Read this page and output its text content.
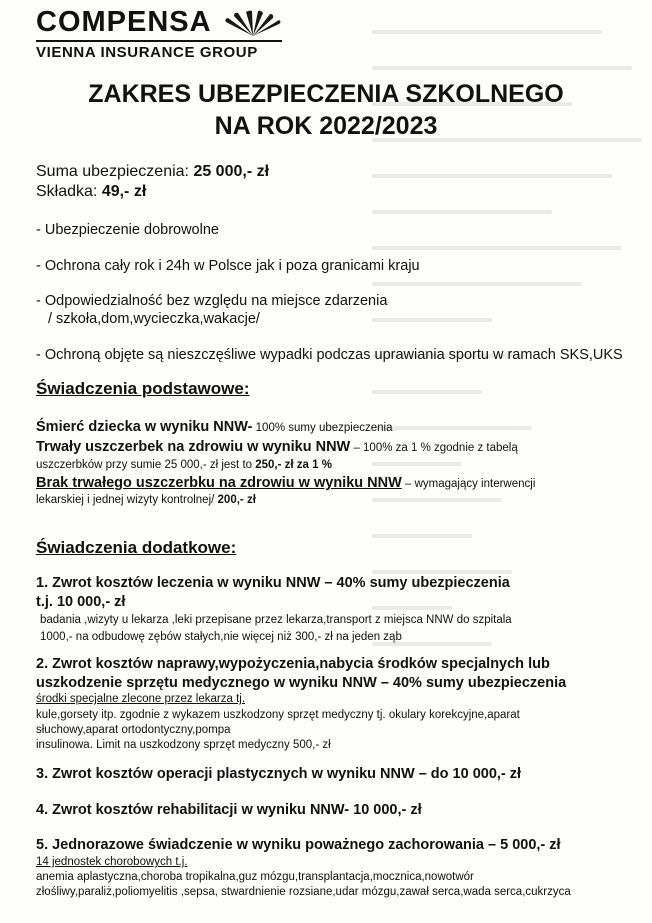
COMPENSA
VIENNA INSURANCE GROUP
ZAKRES UBEZPIECZENIA SZKOLNEGO
NA ROK 2022/2023
Suma ubezpieczenia: 25 000,- zł
Składka: 49,- zł
- Ubezpieczenie dobrowolne
- Ochrona cały rok i 24h w Polsce jak i poza granicami kraju
- Odpowiedzialność bez względu na miejsce zdarzenia
/ szkoła,dom,wycieczka,wakacje/
- Ochroną objęte są nieszczęśliwe wypadki podczas uprawiania sportu w ramach SKS,UKS
Świadczenia podstawowe:
Śmierć dziecka w wyniku NNW- 100% sumy ubezpieczenia
Trwały uszczerbek na zdrowiu w wyniku NNW – 100% za 1 % zgodnie z tabelą
uszczerbków przy sumie 25 000,- zł jest to 250,- zł za 1 %
Brak trwałego uszczerbku na zdrowiu w wyniku NNW – wymagający interwencji
lekarskiej i jednej wizyty kontrolnej/ 200,- zł
Świadczenia dodatkowe:
1. Zwrot kosztów leczenia w wyniku NNW – 40% sumy ubezpieczenia
t.j. 10 000,- zł
badania ,wizyty u lekarza ,leki przepisane przez lekarza,transport z miejsca NNW do szpitala
1000,- na odbudowę zębów stałych,nie więcej niż 300,- zł na jeden ząb
2. Zwrot kosztów naprawy,wypożyczenia,nabycia środków specjalnych lub
uszkodzenie sprzętu medycznego w wyniku NNW – 40% sumy ubezpieczenia
środki specjalne zlecone przez lekarza tj.
kule,gorsety itp. zgodnie z wykazem uszkodzony sprzęt medyczny tj. okulary korekcyjne,aparat
słuchowy,aparat ortodontyczny,pompa
insulinowa. Limit na uszkodzony sprzęt medyczny 500,- zł
3. Zwrot kosztów operacji plastycznych w wyniku NNW – do 10 000,- zł
4. Zwrot kosztów rehabilitacji w wyniku NNW- 10 000,- zł
5. Jednorazowe świadczenie w wyniku poważnego zachorowania – 5 000,- zł
14 jednostek chorobowych t.j.
anemia aplastyczna,choroba tropikalna,guz mózgu,transplantacja,mocznica,nowotwór
złośliwy,paraliż,poliomyelitis ,sepsa, stwardnienie rozsiane,udar mózgu,zawał serca,wada serca,cukrzyca
